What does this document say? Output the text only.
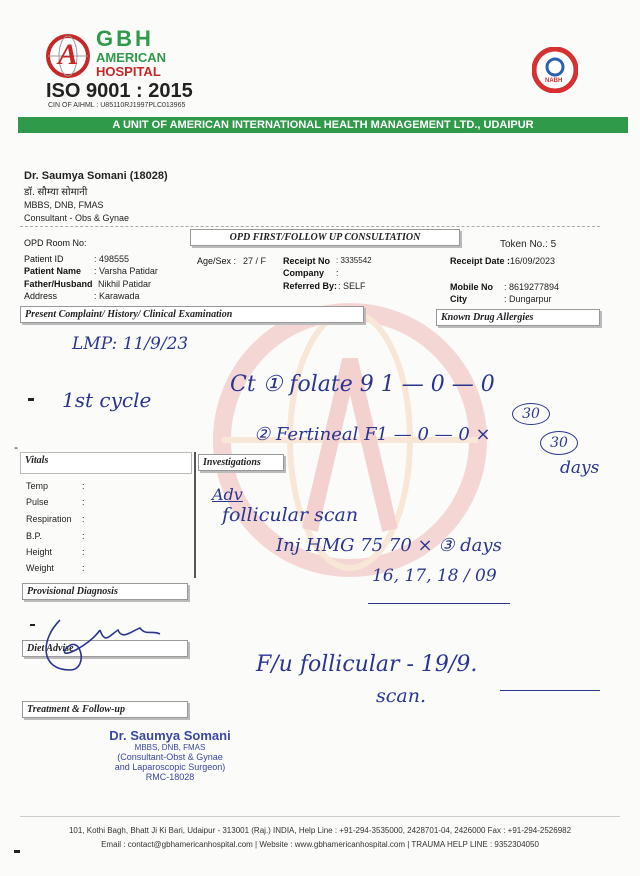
A GBH
AMERICAN
HOSPITAL
ISO 9001 : 2015
CIN OF AIHML : U85110RJ1997PLC013965
NABH
A UNIT OF AMERICAN INTERNATIONAL HEALTH MANAGEMENT LTD., UDAIPUR
Dr. Saumya Somani (18028)
डॉ. सौम्या सोमानी
MBBS, DNB, FMAS
Consultant - Obs & Gynae
OPD Room No:	OPD FIRST/FOLLOW UP CONSULTATION
Token No.: 5
Patient ID	: 498555
Patient Name : Varsha Patidar
Father/Husband Nikhil Patidar
Address	: Karawada
Age/Sex : 27 / F Receipt No : 3335542
Company :
Referred By: : SELF
Receipt Date : 16/09/2023
Mobile No : 8619277894
City	: Dungarpur
Present Complaint/ History/ Clinical Examination	Known Drug Allergies
LMP: 11/9/23
1st cycle
Ct ① folate 9 1 — 0 — 0
30
② Fertineal F1 — 0 — 0 ×	30
days
-
Vitals	Investigations
Temp	:
Pulse	:
Respiration :
B.P.	:
Height	:
Weight	:
Provisional Diagnosis
Diet Advise
Treatment & Follow-up
Adv
follicular scan
Inj HMG 75 70 × ③ days
16, 17, 18 / 09
F/u follicular - 19/9.
scan.
Dr. Saumya Somani
MBBS, DNB, FMAS
(Consultant-Obst & Gynae
and Laparoscopic Surgeon)
RMC-18028
101, Kothi Bagh, Bhatt Ji Ki Bari, Udaipur - 313001 (Raj.) INDIA, Help Line : +91-294-3535000, 2428701-04, 2426000 Fax : +91-294-2526982
Email : contact@gbhamericanhospital.com | Website : www.gbhamericanhospital.com | TRAUMA HELP LINE : 9352304050
